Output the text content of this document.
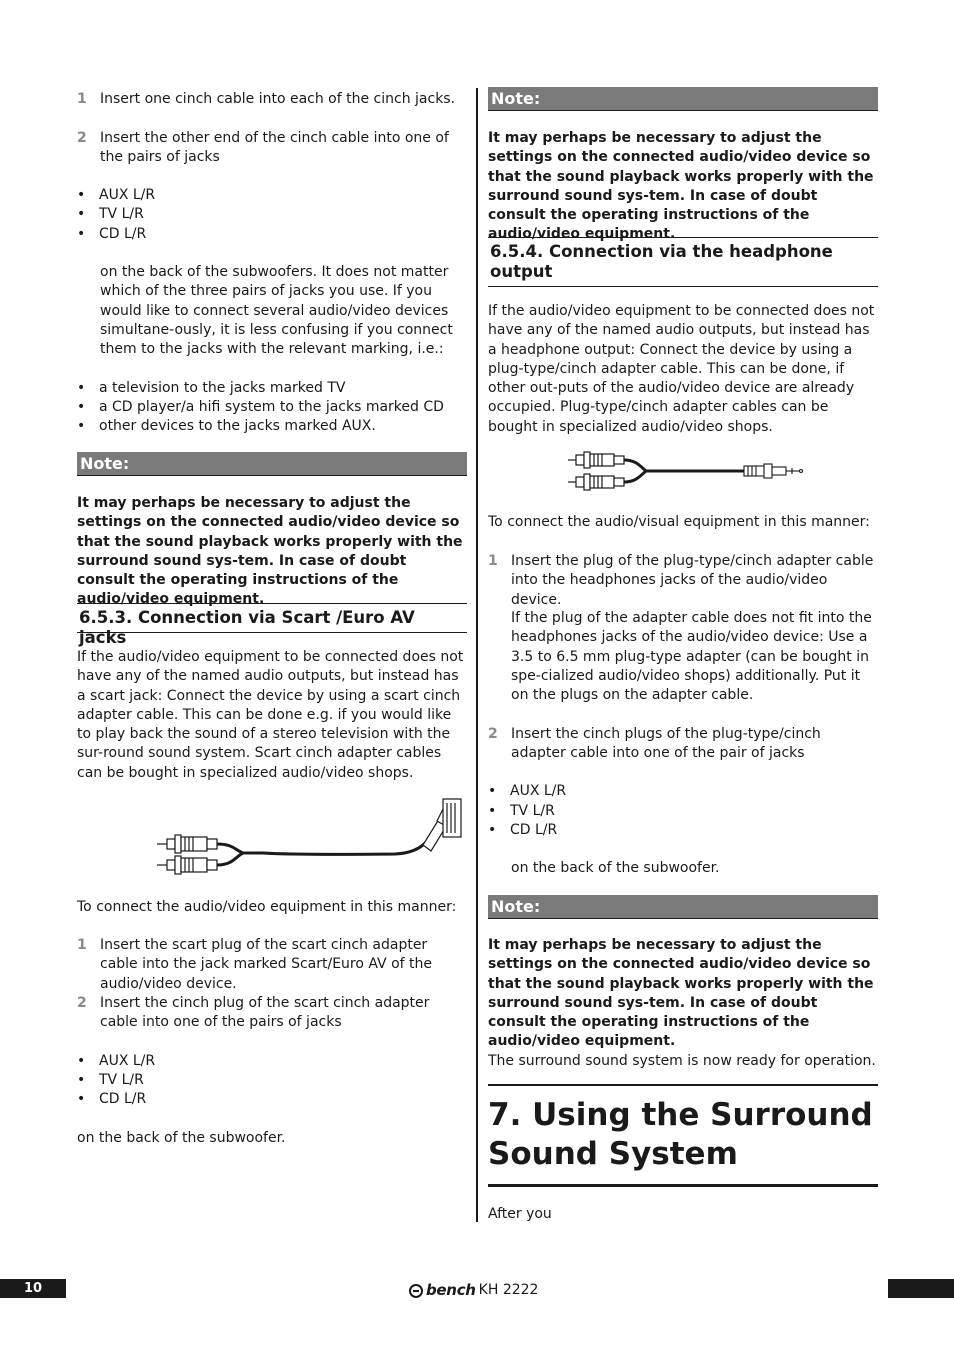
1 Insert one cinch cable into each of the cinch jacks.
2 Insert the other end of the cinch cable into one of the pairs of jacks
• AUX L/R
• TV L/R
• CD L/R
on the back of the subwoofers. It does not matter which of the three pairs of jacks you use. If you would like to connect several audio/video devices simultane-ously, it is less confusing if you connect them to the jacks with the relevant marking, i.e.:
• a television to the jacks marked TV
• a CD player/a hifi system to the jacks marked CD
• other devices to the jacks marked AUX.
Note:
It may perhaps be necessary to adjust the settings on the connected audio/video device so that the sound playback works properly with the surround sound sys-tem. In case of doubt consult the operating instructions of the audio/video equipment.
6.5.3. Connection via Scart /Euro AV jacks
If the audio/video equipment to be connected does not have any of the named audio outputs, but instead has a scart jack: Connect the device by using a scart cinch adapter cable. This can be done e.g. if you would like to play back the sound of a stereo television with the sur-round sound system. Scart cinch adapter cables can be bought in specialized audio/video shops.
To connect the audio/video equipment in this manner:
1 Insert the scart plug of the scart cinch adapter cable into the jack marked Scart/Euro AV of the audio/video device.
2 Insert the cinch plug of the scart cinch adapter cable into one of the pairs of jacks
• AUX L/R
• TV L/R
• CD L/R
on the back of the subwoofer.
Note:
It may perhaps be necessary to adjust the settings on the connected audio/video device so that the sound playback works properly with the surround sound sys-tem. In case of doubt consult the operating instructions of the audio/video equipment.
6.5.4. Connection via the headphone output
If the audio/video equipment to be connected does not have any of the named audio outputs, but instead has a headphone output: Connect the device by using a plug-type/cinch adapter cable. This can be done, if other out-puts of the audio/video device are already occupied. Plug-type/cinch adapter cables can be bought in specialized audio/video shops.
To connect the audio/visual equipment in this manner:
1 Insert the plug of the plug-type/cinch adapter cable into the headphones jacks of the audio/video device.
If the plug of the adapter cable does not fit into the headphones jacks of the audio/video device: Use a 3.5 to 6.5 mm plug-type adapter (can be bought in spe-cialized audio/video shops) additionally. Put it on the plugs on the adapter cable.
2 Insert the cinch plugs of the plug-type/cinch adapter cable into one of the pair of jacks
• AUX L/R
• TV L/R
• CD L/R
on the back of the subwoofer.
Note:
It may perhaps be necessary to adjust the settings on the connected audio/video device so that the sound playback works properly with the surround sound sys-tem. In case of doubt consult the operating instructions of the audio/video equipment.
The surround sound system is now ready for operation.
7. Using the Surround Sound System
After you
10	bench KH 2222
